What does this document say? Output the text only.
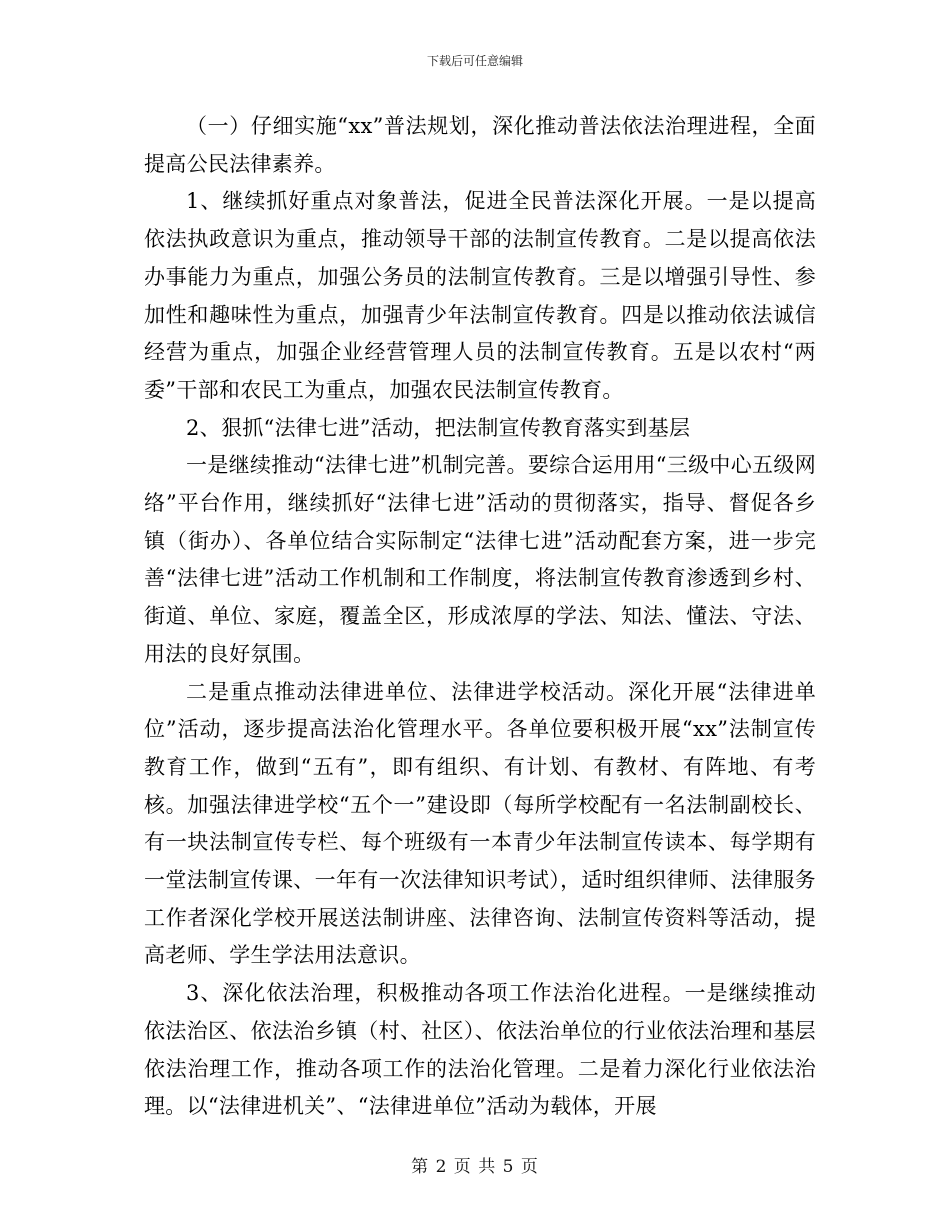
下载后可任意编辑

（一）仔细实施“xx”普法规划，深化推动普法依法治理进程，全面提高公民法律素养。

1、继续抓好重点对象普法，促进全民普法深化开展。一是以提高依法执政意识为重点，推动领导干部的法制宣传教育。二是以提高依法办事能力为重点，加强公务员的法制宣传教育。三是以增强引导性、参加性和趣味性为重点，加强青少年法制宣传教育。四是以推动依法诚信经营为重点，加强企业经营管理人员的法制宣传教育。五是以农村“两委”干部和农民工为重点，加强农民法制宣传教育。

2、狠抓“法律七进”活动，把法制宣传教育落实到基层

一是继续推动“法律七进”机制完善。要综合运用用“三级中心五级网络”平台作用，继续抓好“法律七进”活动的贯彻落实，指导、督促各乡镇（街办）、各单位结合实际制定“法律七进”活动配套方案，进一步完善“法律七进”活动工作机制和工作制度，将法制宣传教育渗透到乡村、街道、单位、家庭，覆盖全区，形成浓厚的学法、知法、懂法、守法、用法的良好氛围。

二是重点推动法律进单位、法律进学校活动。深化开展“法律进单位”活动，逐步提高法治化管理水平。各单位要积极开展“xx”法制宣传教育工作，做到“五有”，即有组织、有计划、有教材、有阵地、有考核。加强法律进学校“五个一”建设即（每所学校配有一名法制副校长、有一块法制宣传专栏、每个班级有一本青少年法制宣传读本、每学期有一堂法制宣传课、一年有一次法律知识考试），适时组织律师、法律服务工作者深化学校开展送法制讲座、法律咨询、法制宣传资料等活动，提高老师、学生学法用法意识。

3、深化依法治理，积极推动各项工作法治化进程。一是继续推动依法治区、依法治乡镇（村、社区）、依法治单位的行业依法治理和基层依法治理工作，推动各项工作的法治化管理。二是着力深化行业依法治理。以“法律进机关”、“法律进单位”活动为载体，开展

第 2 页 共 5 页
